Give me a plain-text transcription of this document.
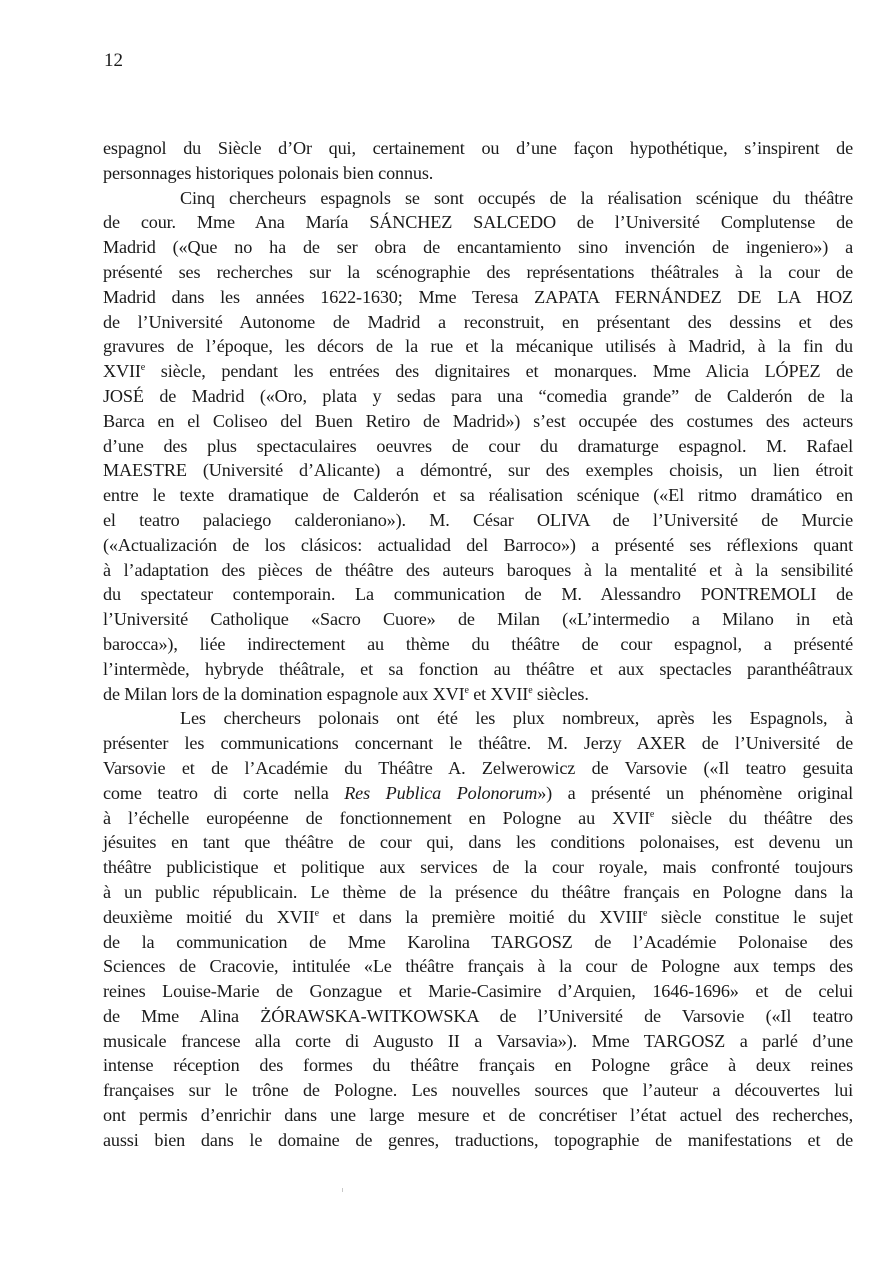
12

espagnol du Siècle d’Or qui, certainement ou d’une façon hypothétique, s’inspirent de
personnages historiques polonais bien connus.

Cinq chercheurs espagnols se sont occupés de la réalisation scénique du théâtre
de cour. Mme Ana María SÁNCHEZ SALCEDO de l’Université Complutense de
Madrid («Que no ha de ser obra de encantamiento sino invención de ingeniero») a
présenté ses recherches sur la scénographie des représentations théâtrales à la cour de
Madrid dans les années 1622-1630; Mme Teresa ZAPATA FERNÁNDEZ DE LA HOZ
de l’Université Autonome de Madrid a reconstruit, en présentant des dessins et des
gravures de l’époque, les décors de la rue et la mécanique utilisés à Madrid, à la fin du
XVIIe siècle, pendant les entrées des dignitaires et monarques. Mme Alicia LÓPEZ de
JOSÉ de Madrid («Oro, plata y sedas para una “comedia grande” de Calderón de la
Barca en el Coliseo del Buen Retiro de Madrid») s’est occupée des costumes des acteurs
d’une des plus spectaculaires oeuvres de cour du dramaturge espagnol. M. Rafael
MAESTRE (Université d’Alicante) a démontré, sur des exemples choisis, un lien étroit
entre le texte dramatique de Calderón et sa réalisation scénique («El ritmo dramático en
el teatro palaciego calderoniano»). M. César OLIVA de l’Université de Murcie
(«Actualización de los clásicos: actualidad del Barroco») a présenté ses réflexions quant
à l’adaptation des pièces de théâtre des auteurs baroques à la mentalité et à la sensibilité
du spectateur contemporain. La communication de M. Alessandro PONTREMOLI de
l’Université Catholique «Sacro Cuore» de Milan («L’intermedio a Milano in età
barocca»), liée indirectement au thème du théâtre de cour espagnol, a présenté
l’intermède, hybryde théâtrale, et sa fonction au théâtre et aux spectacles paranthéâtraux
de Milan lors de la domination espagnole aux XVIe et XVIIe siècles.

Les chercheurs polonais ont été les plux nombreux, après les Espagnols, à
présenter les communications concernant le théâtre. M. Jerzy AXER de l’Université de
Varsovie et de l’Académie du Théâtre A. Zelwerowicz de Varsovie («Il teatro gesuita
come teatro di corte nella Res Publica Polonorum») a présenté un phénomène original
à l’échelle européenne de fonctionnement en Pologne au XVIIe siècle du théâtre des
jésuites en tant que théâtre de cour qui, dans les conditions polonaises, est devenu un
théâtre publicistique et politique aux services de la cour royale, mais confronté toujours
à un public républicain. Le thème de la présence du théâtre français en Pologne dans la
deuxième moitié du XVIIe et dans la première moitié du XVIIIe siècle constitue le sujet
de la communication de Mme Karolina TARGOSZ de l’Académie Polonaise des
Sciences de Cracovie, intitulée «Le théâtre français à la cour de Pologne aux temps des
reines Louise-Marie de Gonzague et Marie-Casimire d’Arquien, 1646-1696» et de celui
de Mme Alina ŻÓRAWSKA-WITKOWSKA de l’Université de Varsovie («Il teatro
musicale francese alla corte di Augusto II a Varsavia»). Mme TARGOSZ a parlé d’une
intense réception des formes du théâtre français en Pologne grâce à deux reines
françaises sur le trône de Pologne. Les nouvelles sources que l’auteur a découvertes lui
ont permis d’enrichir dans une large mesure et de concrétiser l’état actuel des recherches,
aussi bien dans le domaine de genres, traductions, topographie de manifestations et de
